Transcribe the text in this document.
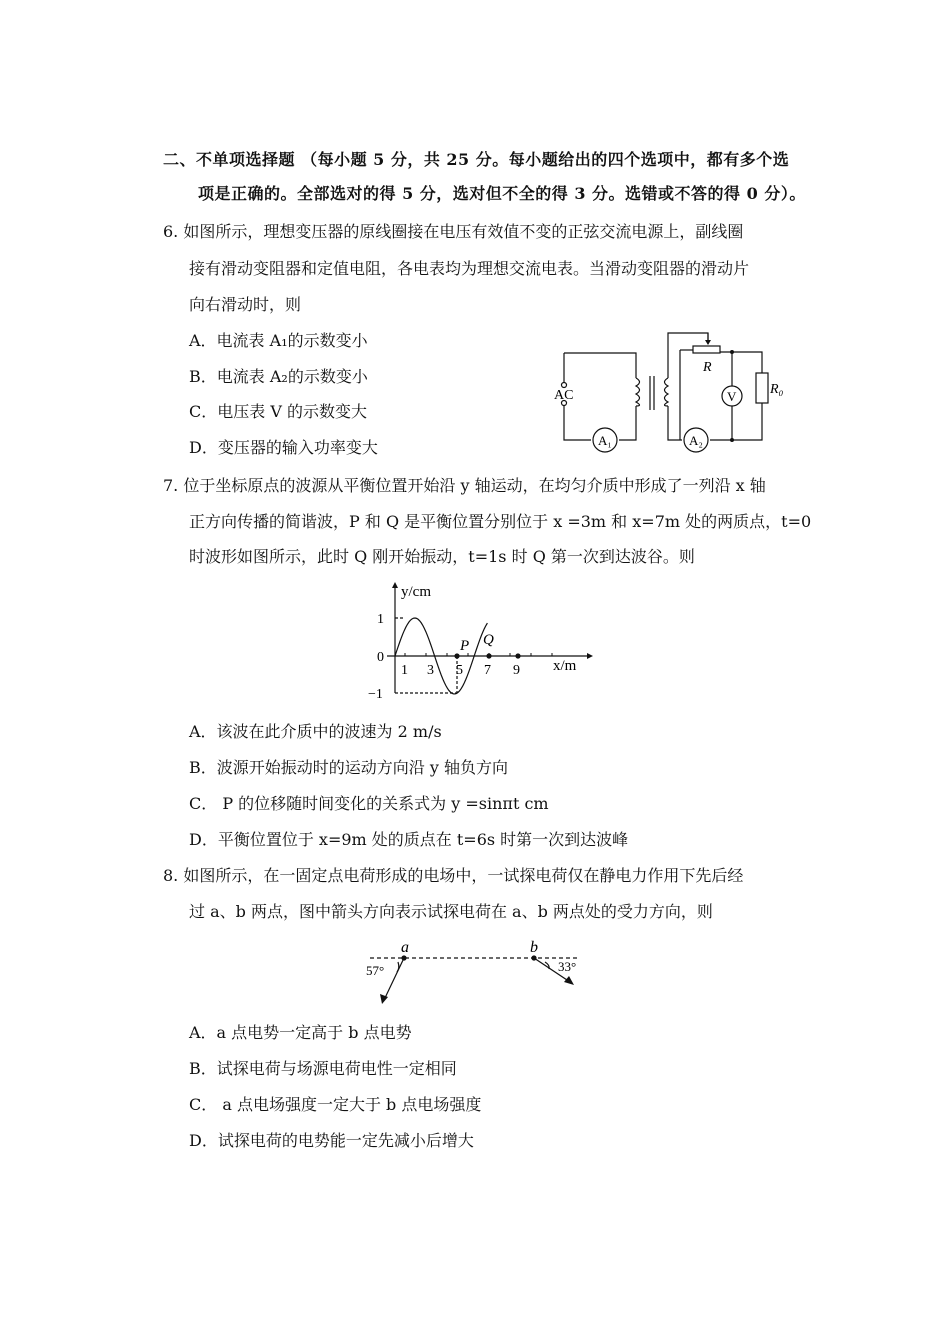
二、不单项选择题 （每小题 5 分，共 25 分。每小题给出的四个选项中，都有多个选
项是正确的。全部选对的得 5 分，选对但不全的得 3 分。选错或不答的得 0 分）。
6. 如图所示，理想变压器的原线圈接在电压有效值不变的正弦交流电源上，副线圈
接有滑动变阻器和定值电阻，各电表均为理想交流电表。当滑动变阻器的滑动片
向右滑动时，则
A．电流表 A₁的示数变小
B．电流表 A₂的示数变小
C．电压表 V 的示数变大
D．变压器的输入功率变大
AC
A₁	A₂
V
R
R₀
7. 位于坐标原点的波源从平衡位置开始沿 y 轴运动，在均匀介质中形成了一列沿 x 轴
正方向传播的简谐波，P 和 Q 是平衡位置分别位于 x =3m 和 x=7m 处的两质点，t=0
时波形如图所示，此时 Q 刚开始振动，t=1s 时 Q 第一次到达波谷。则
y/cm
x/m
1
0
−1
1 3 5 7 9
P Q
A．该波在此介质中的波速为 2 m/s
B．波源开始振动时的运动方向沿 y 轴负方向
C． P 的位移随时间变化的关系式为 y =sinπt cm
D．平衡位置位于 x=9m 处的质点在 t=6s 时第一次到达波峰
8. 如图所示，在一固定点电荷形成的电场中，一试探电荷仅在静电力作用下先后经
过 a、b 两点，图中箭头方向表示试探电荷在 a、b 两点处的受力方向，则
a	b
57°	33°
A．a 点电势一定高于 b 点电势
B．试探电荷与场源电荷电性一定相同
C． a 点电场强度一定大于 b 点电场强度
D．试探电荷的电势能一定先减小后增大
